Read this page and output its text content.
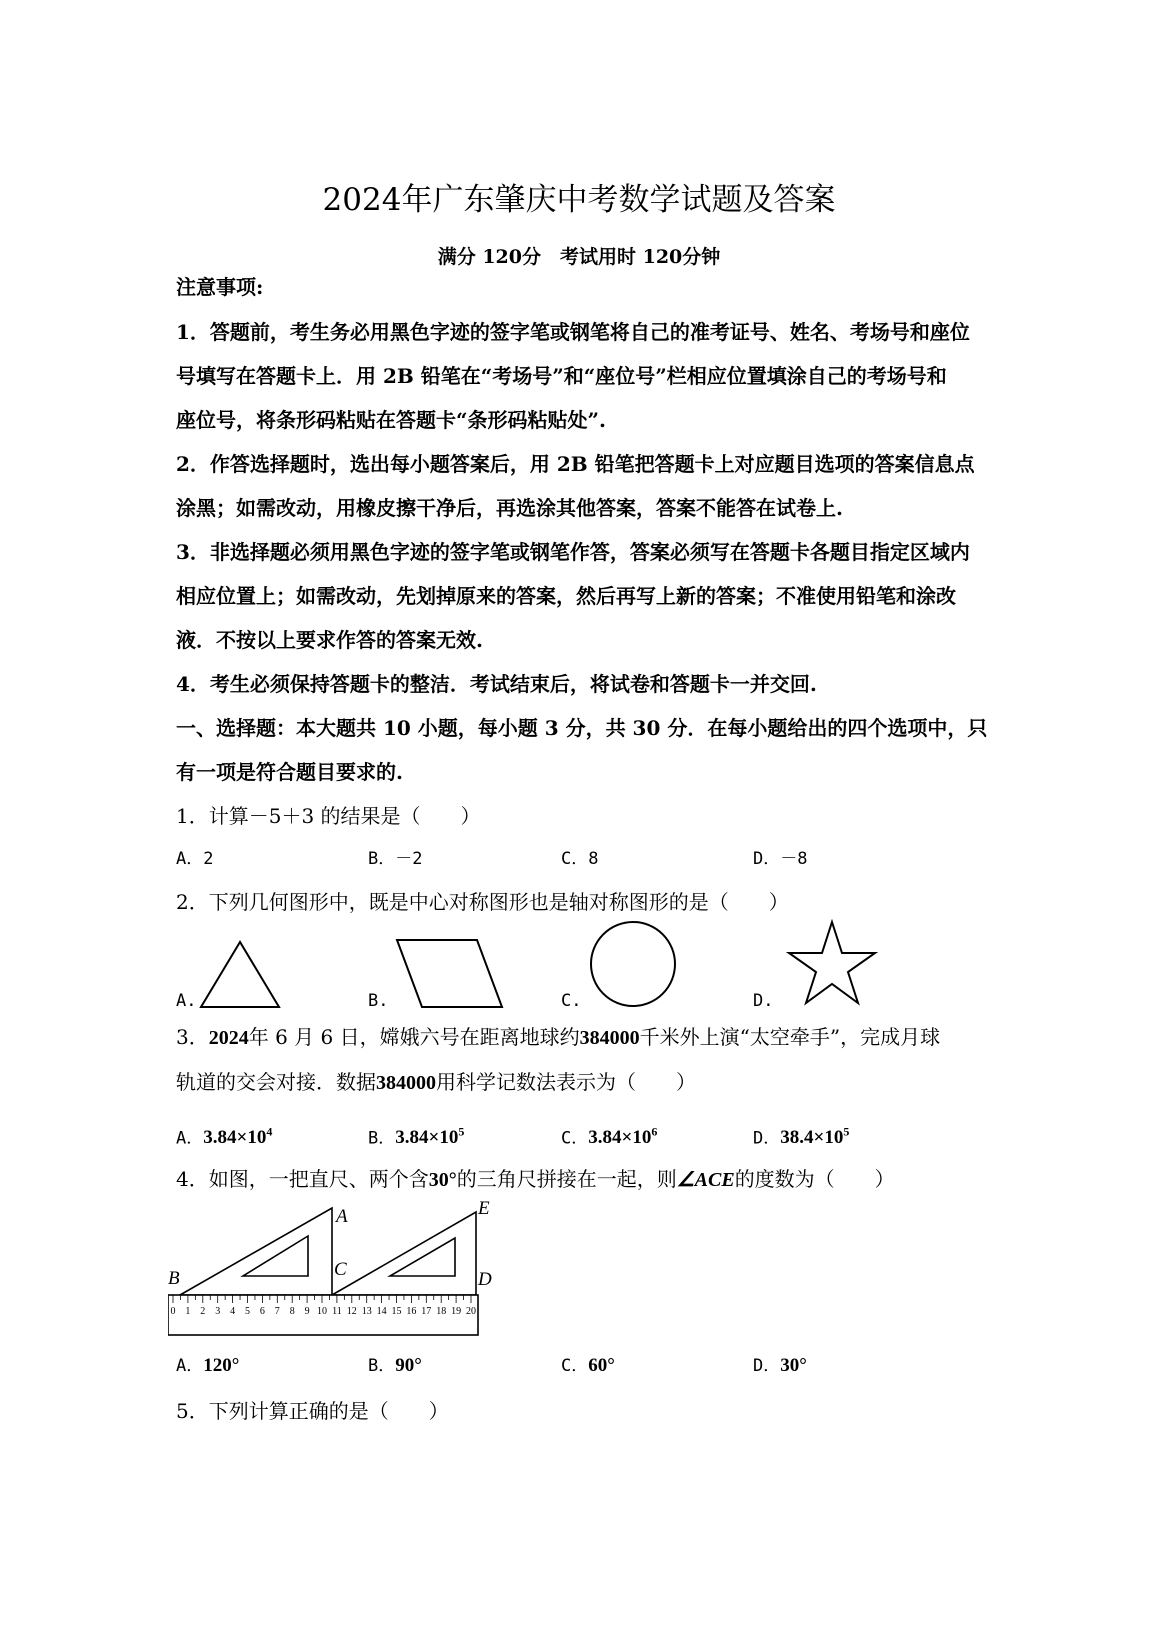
2024年广东肇庆中考数学试题及答案
满分 120分　考试用时 120分钟
注意事项:
1．答题前，考生务必用黑色字迹的签字笔或钢笔将自己的准考证号、姓名、考场号和座位
号填写在答题卡上．用 2B 铅笔在“考场号”和“座位号”栏相应位置填涂自己的考场号和
座位号，将条形码粘贴在答题卡“条形码粘贴处”.
2．作答选择题时，选出每小题答案后，用 2B 铅笔把答题卡上对应题目选项的答案信息点
涂黑；如需改动，用橡皮擦干净后，再选涂其他答案，答案不能答在试卷上.
3．非选择题必须用黑色字迹的签字笔或钢笔作答，答案必须写在答题卡各题目指定区域内
相应位置上；如需改动，先划掉原来的答案，然后再写上新的答案；不准使用铅笔和涂改
液．不按以上要求作答的答案无效.
4．考生必须保持答题卡的整洁．考试结束后，将试卷和答题卡一并交回.
一、选择题：本大题共 10 小题，每小题 3 分，共 30 分．在每小题给出的四个选项中，只
有一项是符合题目要求的.
1．计算－5＋3 的结果是（　　）
A．2	B．－2	C．8	D．－8
2．下列几何图形中，既是中心对称图形也是轴对称图形的是（　　）
A.	B.	C.	D.
3．2024年 6 月 6 日，嫦娥六号在距离地球约384000千米外上演“太空牵手”，完成月球
轨道的交会对接．数据384000用科学记数法表示为（　　）
A．$3.84\times 10^4$	B．$3.84\times 10^5$	C．$3.84\times 10^6$	D．$38.4\times 10^5$
4．如图，一把直尺、两个含30°的三角尺拼接在一起，则∠ACE的度数为（　　）
0 1 2 3 4 5 6 7 8 9 10 11 12 13 14 15 16 17 18 19 20
A
B	C	D
E
A．120°	B．90°	C．60°	D．30°
5．下列计算正确的是（　　）
